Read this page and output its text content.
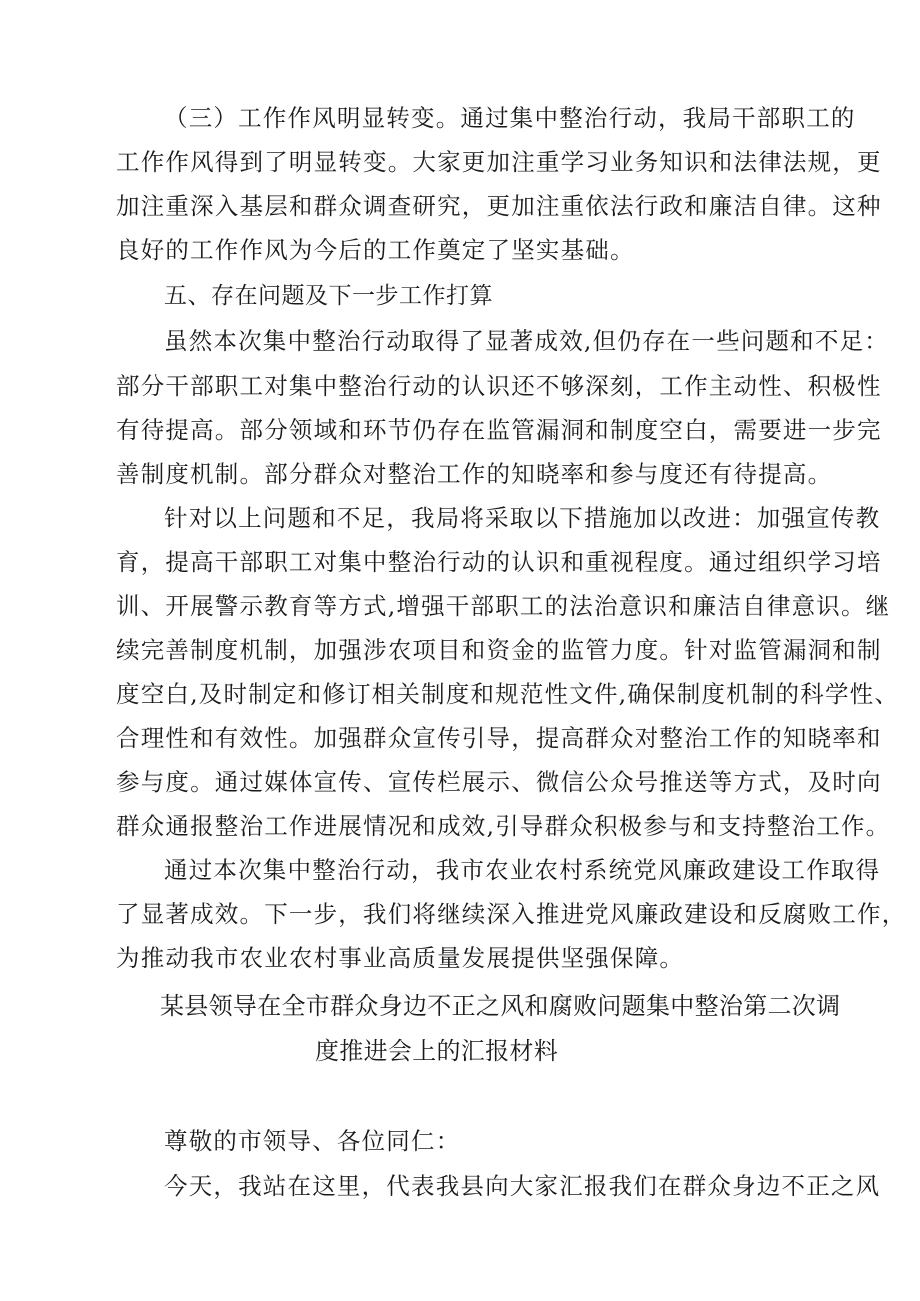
（三）工作作风明显转变。通过集中整治行动，我局干部职工的
工作作风得到了明显转变。大家更加注重学习业务知识和法律法规，更
加注重深入基层和群众调查研究，更加注重依法行政和廉洁自律。这种
良好的工作作风为今后的工作奠定了坚实基础。
五、存在问题及下一步工作打算
虽然本次集中整治行动取得了显著成效,但仍存在一些问题和不足：
部分干部职工对集中整治行动的认识还不够深刻，工作主动性、积极性
有待提高。部分领域和环节仍存在监管漏洞和制度空白，需要进一步完
善制度机制。部分群众对整治工作的知晓率和参与度还有待提高。
针对以上问题和不足，我局将采取以下措施加以改进：加强宣传教
育，提高干部职工对集中整治行动的认识和重视程度。通过组织学习培
训、开展警示教育等方式,增强干部职工的法治意识和廉洁自律意识。继
续完善制度机制，加强涉农项目和资金的监管力度。针对监管漏洞和制
度空白,及时制定和修订相关制度和规范性文件,确保制度机制的科学性、
合理性和有效性。加强群众宣传引导，提高群众对整治工作的知晓率和
参与度。通过媒体宣传、宣传栏展示、微信公众号推送等方式，及时向
群众通报整治工作进展情况和成效,引导群众积极参与和支持整治工作。
通过本次集中整治行动，我市农业农村系统党风廉政建设工作取得
了显著成效。下一步，我们将继续深入推进党风廉政建设和反腐败工作，
为推动我市农业农村事业高质量发展提供坚强保障。
某县领导在全市群众身边不正之风和腐败问题集中整治第二次调
度推进会上的汇报材料
尊敬的市领导、各位同仁：
今天，我站在这里，代表我县向大家汇报我们在群众身边不正之风
